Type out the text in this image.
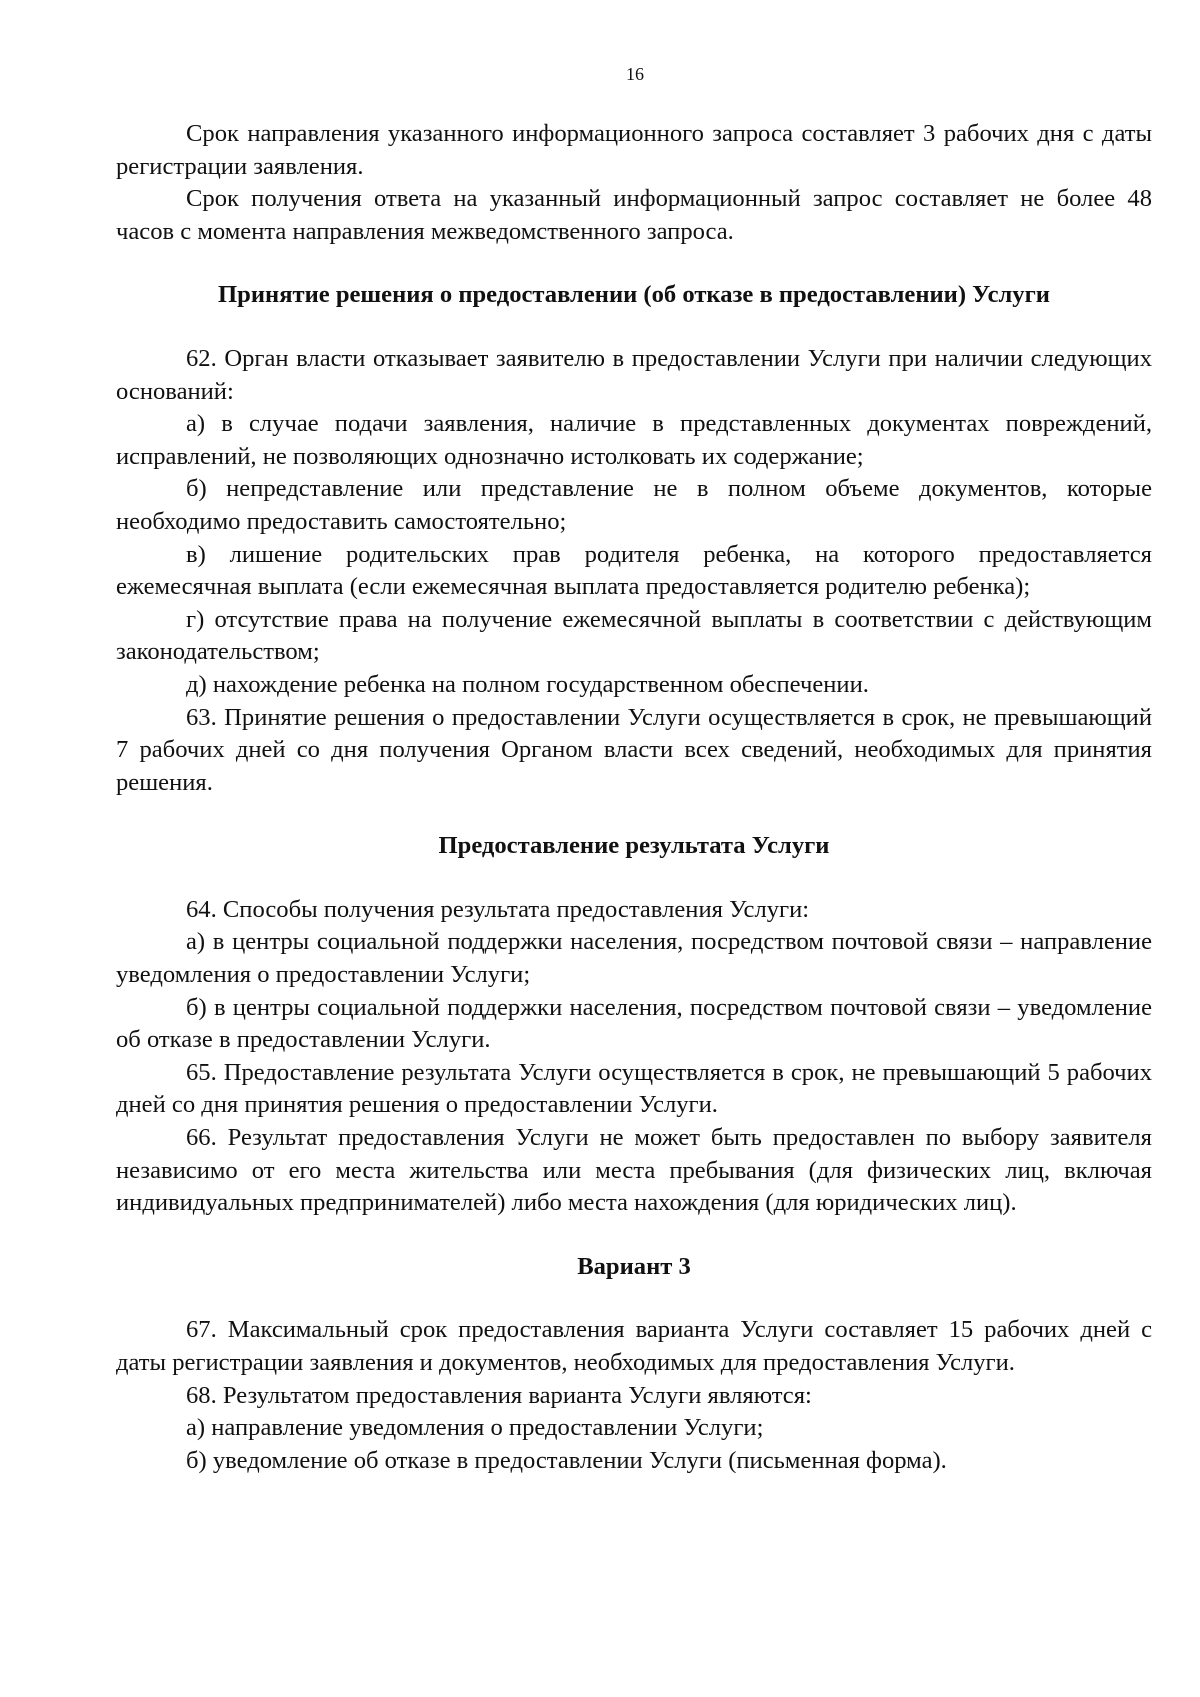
16

Срок направления указанного информационного запроса составляет 3 рабочих дня с даты регистрации заявления.

Срок получения ответа на указанный информационный запрос составляет не более 48 часов с момента направления межведомственного запроса.

Принятие решения о предоставлении (об отказе в предоставлении) Услуги

62. Орган власти отказывает заявителю в предоставлении Услуги при наличии следующих оснований:

а) в случае подачи заявления, наличие в представленных документах повреждений, исправлений, не позволяющих однозначно истолковать их содержание;

б) непредставление или представление не в полном объеме документов, которые необходимо предоставить самостоятельно;

в) лишение родительских прав родителя ребенка, на которого предоставляется ежемесячная выплата (если ежемесячная выплата предоставляется родителю ребенка);

г) отсутствие права на получение ежемесячной выплаты в соответствии с действующим законодательством;

д) нахождение ребенка на полном государственном обеспечении.

63. Принятие решения о предоставлении Услуги осуществляется в срок, не превышающий 7 рабочих дней со дня получения Органом власти всех сведений, необходимых для принятия решения.

Предоставление результата Услуги

64. Способы получения результата предоставления Услуги:

а) в центры социальной поддержки населения, посредством почтовой связи – направление уведомления о предоставлении Услуги;

б) в центры социальной поддержки населения, посредством почтовой связи – уведомление об отказе в предоставлении Услуги.

65. Предоставление результата Услуги осуществляется в срок, не превышающий 5 рабочих дней со дня принятия решения о предоставлении Услуги.

66. Результат предоставления Услуги не может быть предоставлен по выбору заявителя независимо от его места жительства или места пребывания (для физических лиц, включая индивидуальных предпринимателей) либо места нахождения (для юридических лиц).

Вариант 3

67. Максимальный срок предоставления варианта Услуги составляет 15 рабочих дней с даты регистрации заявления и документов, необходимых для предоставления Услуги.

68. Результатом предоставления варианта Услуги являются:

а) направление уведомления о предоставлении Услуги;

б) уведомление об отказе в предоставлении Услуги (письменная форма).
